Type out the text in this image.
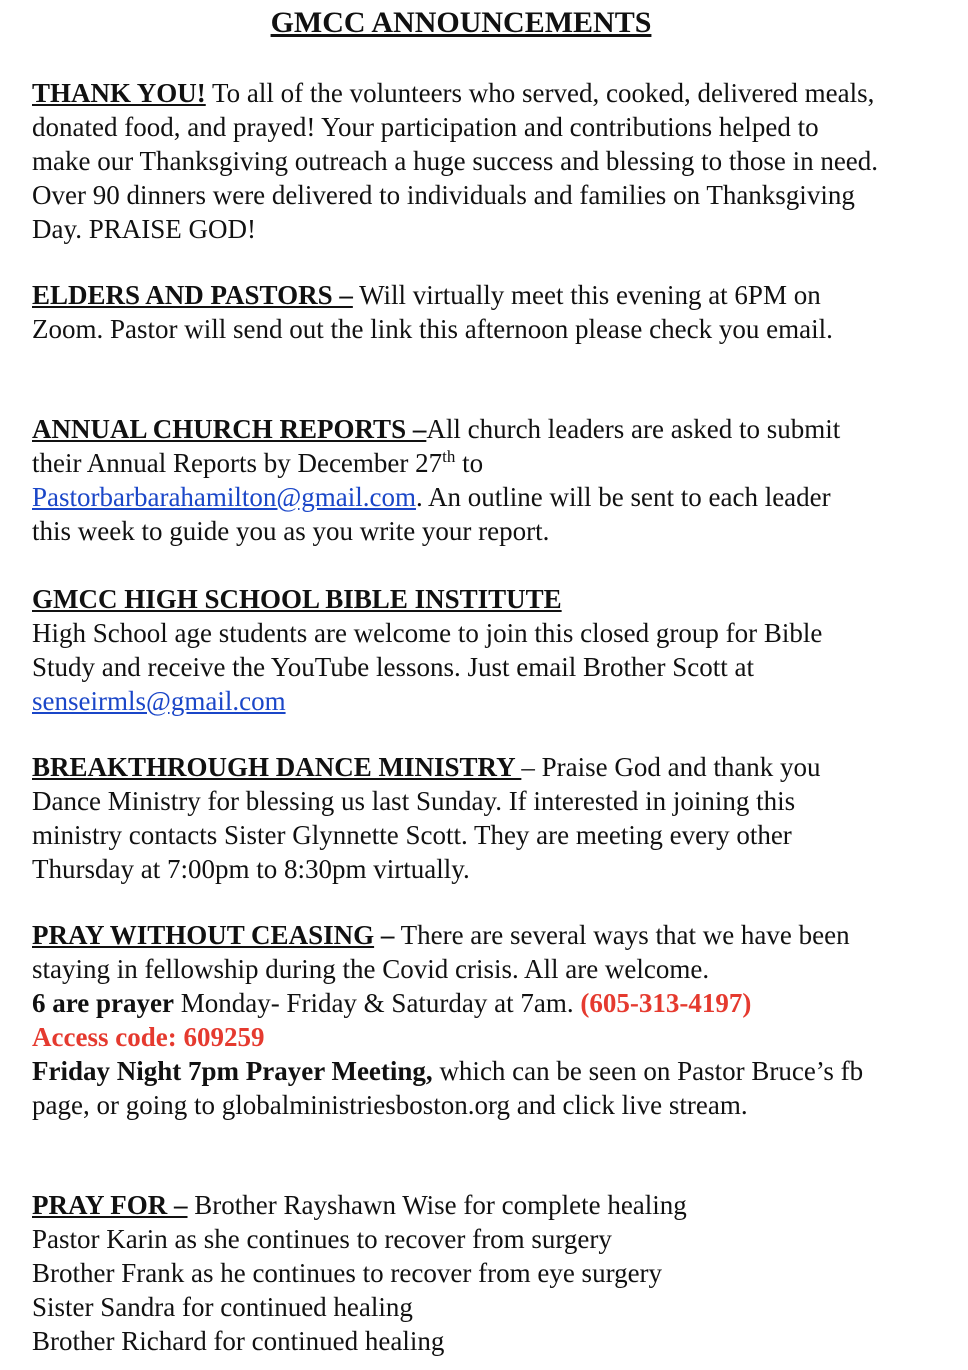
GMCC ANNOUNCEMENTS

THANK YOU! To all of the volunteers who served, cooked, delivered meals, donated food, and prayed! Your participation and contributions helped to make our Thanksgiving outreach a huge success and blessing to those in need. Over 90 dinners were delivered to individuals and families on Thanksgiving Day. PRAISE GOD!

ELDERS AND PASTORS – Will virtually meet this evening at 6PM on Zoom. Pastor will send out the link this afternoon please check you email.

ANNUAL CHURCH REPORTS –All church leaders are asked to submit their Annual Reports by December 27th to Pastorbarbarahamilton@gmail.com. An outline will be sent to each leader this week to guide you as you write your report.

GMCC HIGH SCHOOL BIBLE INSTITUTE
High School age students are welcome to join this closed group for Bible Study and receive the YouTube lessons. Just email Brother Scott at senseirmls@gmail.com

BREAKTHROUGH DANCE MINISTRY – Praise God and thank you Dance Ministry for blessing us last Sunday. If interested in joining this ministry contacts Sister Glynnette Scott. They are meeting every other Thursday at 7:00pm to 8:30pm virtually.

PRAY WITHOUT CEASING – There are several ways that we have been staying in fellowship during the Covid crisis. All are welcome.
6 are prayer Monday- Friday & Saturday at 7am. (605-313-4197)
Access code: 609259
Friday Night 7pm Prayer Meeting, which can be seen on Pastor Bruce’s fb page, or going to globalministriesboston.org and click live stream.

PRAY FOR – Brother Rayshawn Wise for complete healing
Pastor Karin as she continues to recover from surgery
Brother Frank as he continues to recover from eye surgery
Sister Sandra for continued healing
Brother Richard for continued healing
